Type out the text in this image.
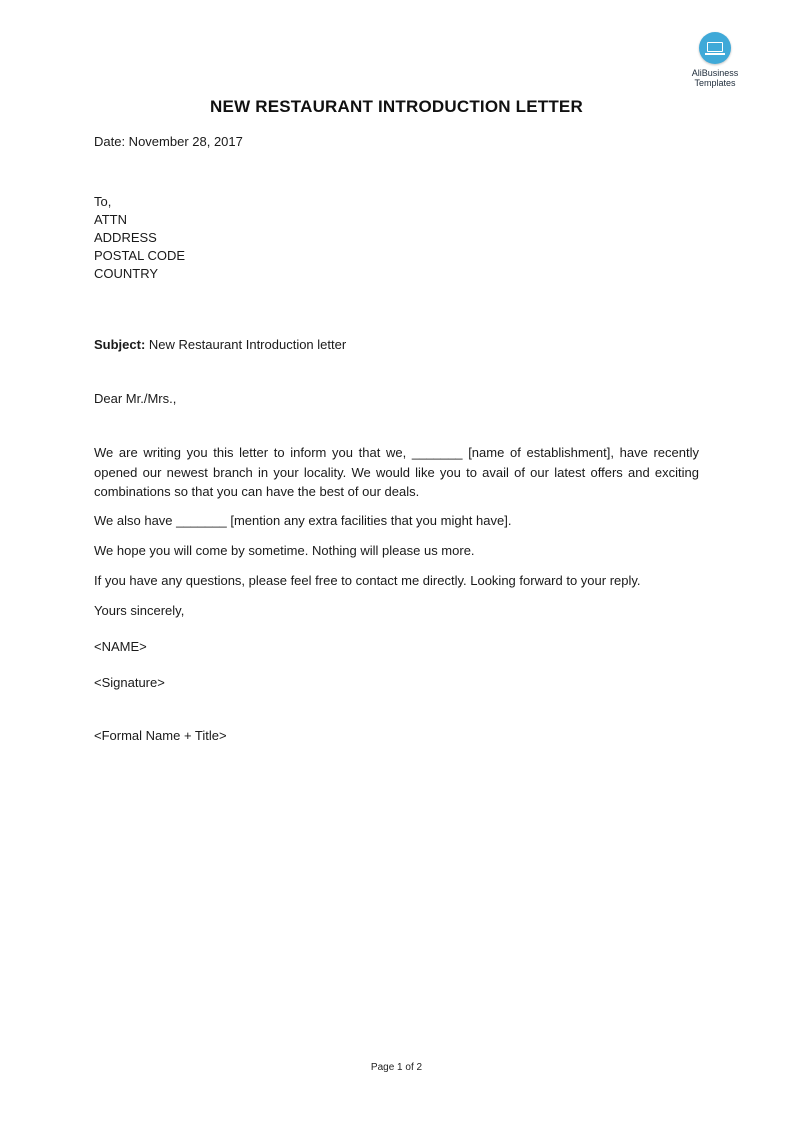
AliBusiness
Templates
NEW RESTAURANT INTRODUCTION LETTER
Date: November 28, 2017
To,
ATTN
ADDRESS
POSTAL CODE
COUNTRY
Subject: New Restaurant Introduction letter
Dear Mr./Mrs.,

We are writing you this letter to inform you that we, _______ [name of establishment], have recently opened our newest branch in your locality. We would like you to avail of our latest offers and exciting combinations so that you can have the best of our deals.

We also have _______ [mention any extra facilities that you might have].
We hope you will come by sometime. Nothing will please us more.
If you have any questions, please feel free to contact me directly. Looking forward to your reply.
Yours sincerely,
<NAME>
<Signature>
<Formal Name + Title>
Page 1 of 2
